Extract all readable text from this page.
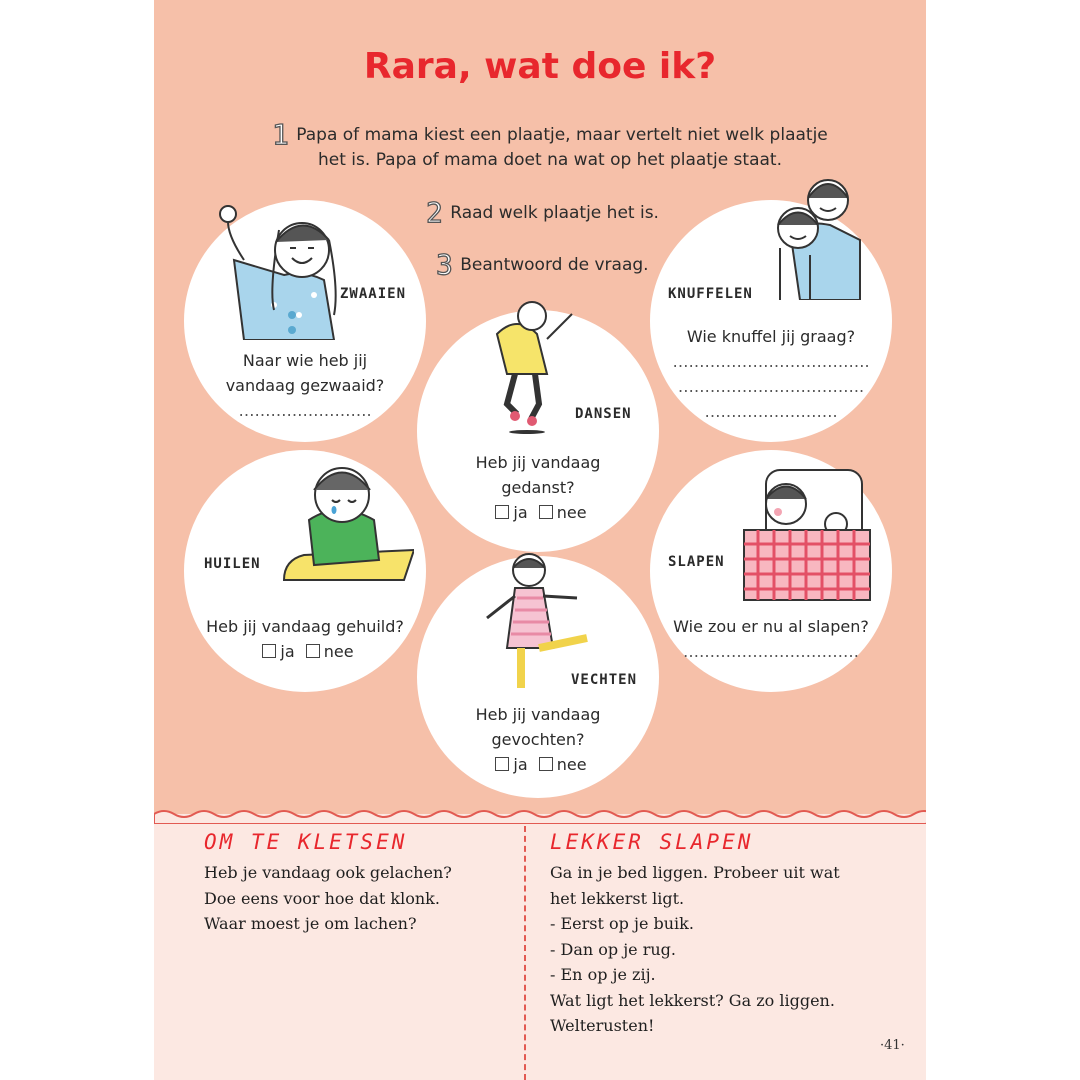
Rara, wat doe ik?
1 Papa of mama kiest een plaatje, maar vertelt niet welk plaatje
het is. Papa of mama doet na wat op het plaatje staat.
2 Raad welk plaatje het is.
3 Beantwoord de vraag.
ZWAAIEN
Naar wie heb jij
vandaag gezwaaid?
…………………….
KNUFFELEN
Wie knuffel jij graag?
……………………………….
……………………………..
…………………….
DANSEN
Heb jij vandaag
gedanst?
ja nee
HUILEN
Heb jij vandaag gehuild?
ja nee
SLAPEN
Wie zou er nu al slapen?
……………………………
VECHTEN
Heb jij vandaag
gevochten?
ja nee
OM TE KLETSEN
Heb je vandaag ook gelachen?
Doe eens voor hoe dat klonk.
Waar moest je om lachen?
LEKKER SLAPEN
Ga in je bed liggen. Probeer uit wat
het lekkerst ligt.
- Eerst op je buik.
- Dan op je rug.
- En op je zij.
Wat ligt het lekkerst? Ga zo liggen.
Welterusten!
·41·
